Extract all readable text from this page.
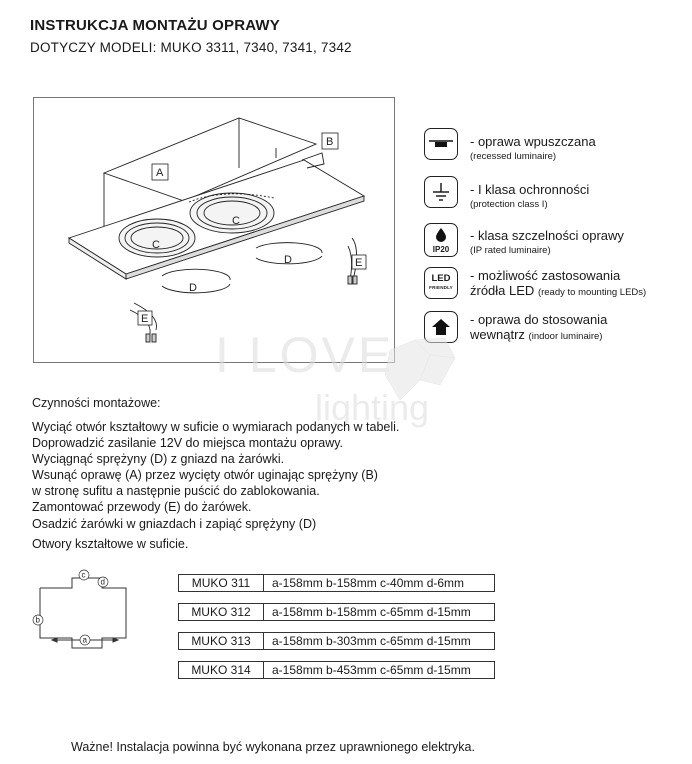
INSTRUKCJA MONTAŻU OPRAWY
DOTYCZY MODELI: MUKO 3311, 7340, 7341, 7342
A
B
C
C
D
D
E
E
- oprawa wpuszczana
(recessed luminaire)
- I klasa ochronności
(protection class I)
IP20
- klasa szczelności oprawy
(IP rated luminaire)
LED
FRIENDLY
- możliwość zastosowania
źródła LED (ready to mounting LEDs)
- oprawa do stosowania
wewnątrz (indoor luminaire)
I LOVE
lighting
Czynności montażowe:
Wyciąć otwór kształtowy w suficie o wymiarach podanych w tabeli.
Doprowadzić zasilanie 12V do miejsca montażu oprawy.
Wyciągnąć sprężyny (D) z gniazd na żarówki.
Wsunąć oprawę (A) przez wycięty otwór uginając sprężyny (B)
w stronę sufitu a następnie puścić do zablokowania.
Zamontować przewody (E) do żarówek.
Osadzić żarówki w gniazdach i zapiąć sprężyny (D)
Otwory kształtowe w suficie.
c
d
b
a
MUKO 311	a-158mm b-158mm c-40mm d-6mm

MUKO 312	a-158mm b-158mm c-65mm d-15mm

MUKO 313	a-158mm b-303mm c-65mm d-15mm

MUKO 314	a-158mm b-453mm c-65mm d-15mm
Ważne! Instalacja powinna być wykonana przez uprawnionego elektryka.
